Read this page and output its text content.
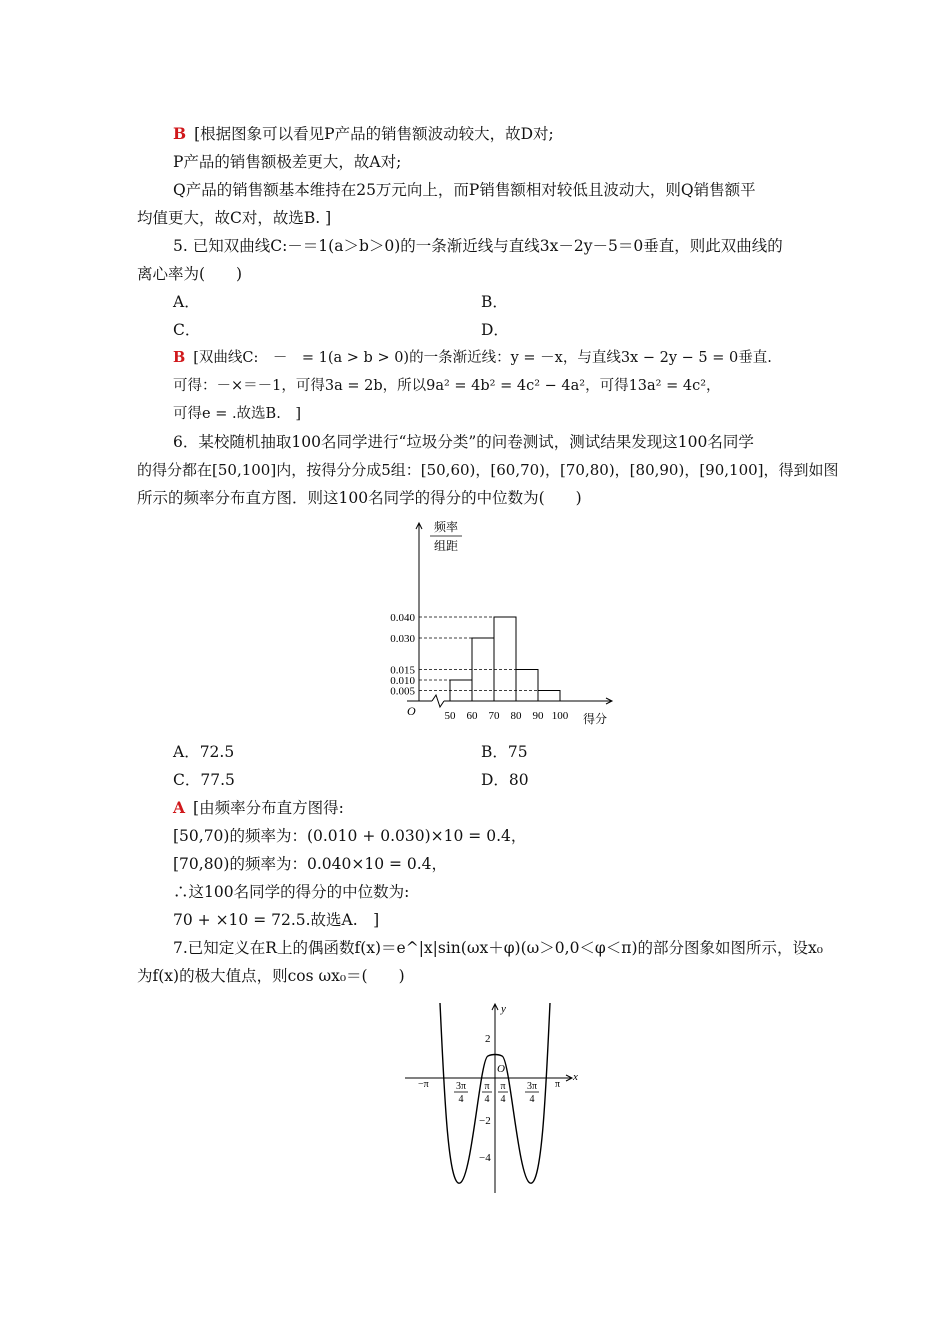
B [根据图象可以看见P产品的销售额波动较大，故D对;
P产品的销售额极差更大，故A对;
Q产品的销售额基本维持在25万元向上，而P销售额相对较低且波动大，则Q销售额平
均值更大，故C对，故选B. ]
5. 已知双曲线C:－＝1(a＞b＞0)的一条渐近线与直线3x－2y－5＝0垂直，则此双曲线的
离心率为(　　)
A．	B．
C．	D．
B [双曲线C:　－　= 1(a > b > 0)的一条渐近线：y = －x，与直线3x − 2y − 5 = 0垂直.
可得：－×＝－1，可得3a = 2b，所以9a² = 4b² = 4c² − 4a²，可得13a² = 4c²，
可得e = .故选B.　]
6．某校随机抽取100名同学进行“垃圾分类”的问卷测试，测试结果发现这100名同学
的得分都在[50,100]内，按得分分成5组：[50,60)，[60,70)，[70,80)，[80,90)，[90,100]，得到如图
所示的频率分布直方图．则这100名同学的得分的中位数为(　　)
频率
组距
0.040
0.030
0.015
0.010
0.005
50 60 70 80 90 100
O
得分
A．72.5	B．75
C．77.5	D．80
A [由频率分布直方图得:
[50,70)的频率为：(0.010 + 0.030)×10 = 0.4，
[70,80)的频率为：0.040×10 = 0.4，
∴这100名同学的得分的中位数为:
70 + ×10 = 72.5.故选A.　]
7.已知定义在R上的偶函数f(x)＝e^|x|sin(ωx＋φ)(ω＞0,0＜φ＜π)的部分图象如图所示，设x₀
为f(x)的极大值点，则cos ωx₀＝(　　)
y
x
O
2
−2
−4
−π	π
3π
4
π
4
π
4
3π
4
